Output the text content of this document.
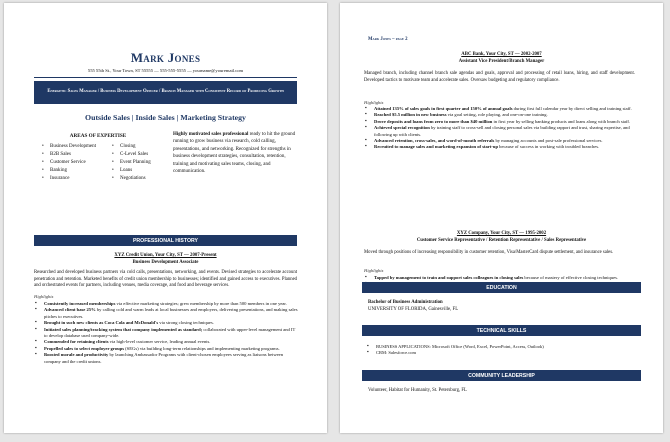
Mark Jones
555 55th St., Your Town, ST 55555 — 555-555-5555 — yourname@youremail.com
Energetic Sales Manager / Business Development Officer / Branch Manager with Consistent Record of Producing Growth
Outside Sales | Inside Sales | Marketing Strategy
AREAS OF EXPERTISE
• Business Development
• B2B Sales
• Customer Service
• Banking
• Insurance
• Closing
• C-Level Sales
• Event Planning
• Loans
• Negotiations
Highly motivated sales professional ready to hit the ground running to grow business via research, cold calling, presentations, and networking. Recognized for strengths in business development strategies, consultation, retention, training and motivating sales teams, closing, and communication.
PROFESSIONAL HISTORY
XYZ Credit Union, Your City, ST — 2007-Present
Business Development Associate
Researched and developed business partners via cold calls, presentations, networking, and events. Devised strategies to accelerate account penetration and retention. Marketed benefits of credit union membership to businesses; identified and gained access to executives. Planned and orchestrated events for partners, including venues, media coverage, and food and beverage services.
Highlights
▪ Consistently increased memberships via effective marketing strategies; grew membership by more than 500 members in one year.
▪ Advanced client base 25% by calling cold and warm leads at local businesses and employers, delivering presentations, and making sales pitches to executives.
▪ Brought in such new clients as Coca Cola and McDonald's via strong closing techniques.
▪ Initiated sales planning/tracking system that company implemented as standard; collaborated with upper-level management and IT to develop database used company-wide.
▪ Commended for retaining clients via high-level customer service, leading annual events.
▪ Propelled sales to select employer groups (SEGs) via building long-term relationships and implementing marketing programs.
▪ Boosted morale and productivity by launching Ambassador Programs with client-chosen employees serving as liaisons between company and the credit unions.
Mark Jones – page 2
ABC Bank, Your City, ST — 2002-2007
Assistant Vice President/Branch Manager
Managed branch, including channel branch sale agendas and goals, approval and processing of retail loans, hiring, and staff development. Developed tactics to motivate team and accelerate sales. Oversaw budgeting and regulatory compliance.
Highlights
▪ Attained 135% of sales goals in first quarter and 150% of annual goals during first full calendar year by direct selling and training staff.
▪ Reached $5.5 million in new business via goal setting, role playing, and one-on-one training.
▪ Drove deposits and loans from zero to more than $40 million in first year by selling banking products and loans along with branch staff.
▪ Achieved special recognition by training staff to cross-sell and closing personal sales via building rapport and trust, sharing expertise, and following up with clients.
▪ Advanced retention, cross-sales, and word-of-mouth referrals by managing accounts and post-sale professional services.
▪ Recruited to manage sales and marketing expansion of start-up because of success in working with troubled branches.
XYZ Company, Your City, ST — 1995-2002
Customer Service Representative / Retention Representative / Sales Representative
Moved through positions of increasing responsibility in customer retention, Visa/MasterCard dispute settlement, and insurance sales.
Highlights
▪ Tapped by management to train and support sales colleagues in closing sales because of mastery of effective closing techniques.
▪
EDUCATION
Bachelor of Business Administration
UNIVERSITY OF FLORIDA, Gainesville, FL
TECHNICAL SKILLS
▪ BUSINESS APPLICATIONS: Microsoft Office (Word, Excel, PowerPoint, Access, Outlook)
▪ CRM: Salesforce.com
COMMUNITY LEADERSHIP
Volunteer, Habitat for Humanity, St. Petersburg, FL
